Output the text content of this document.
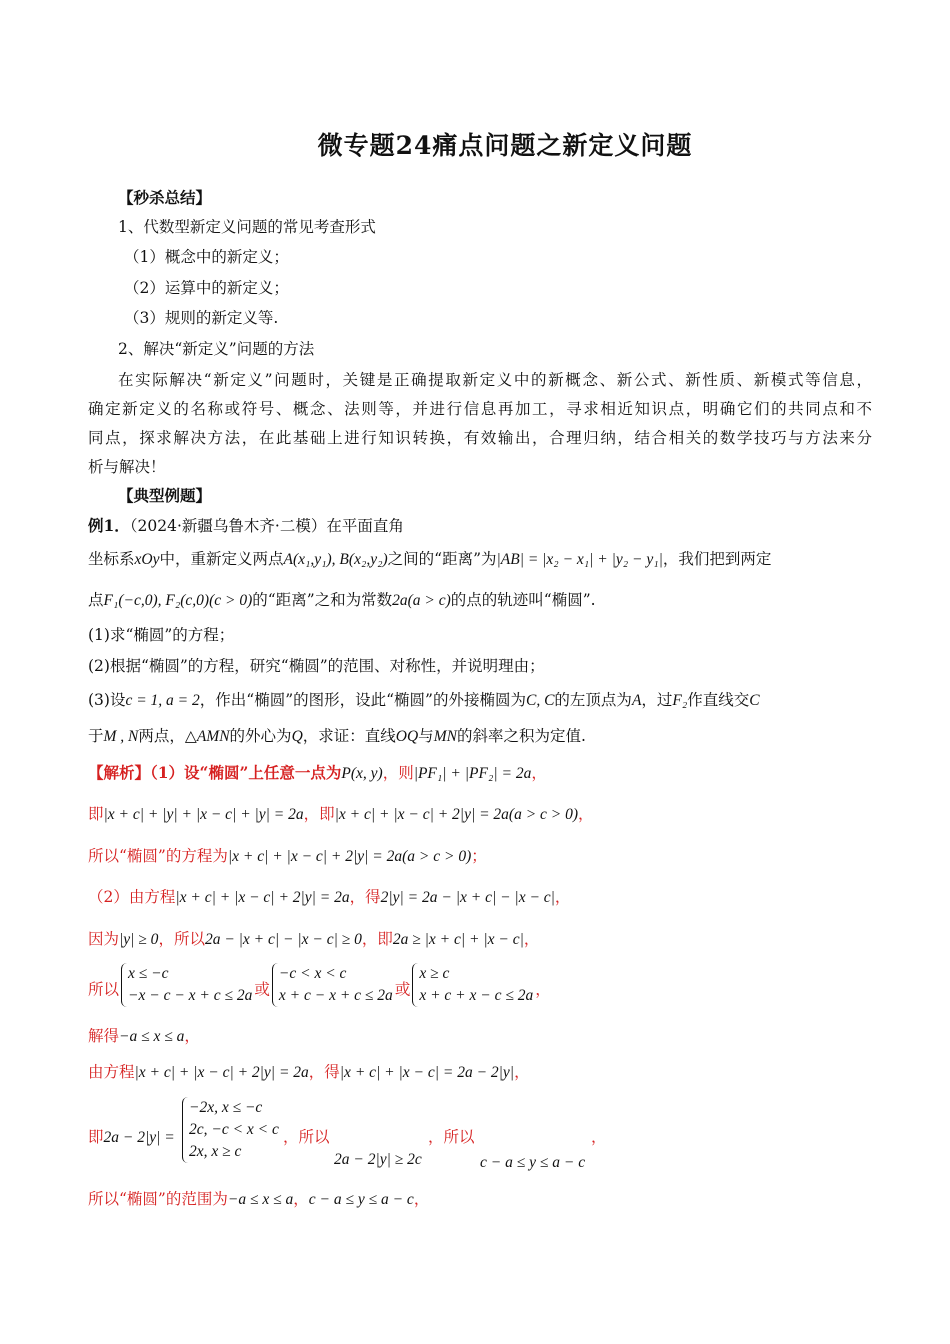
微专题24痛点问题之新定义问题
【秒杀总结】
1、代数型新定义问题的常见考查形式
（1）概念中的新定义；
（2）运算中的新定义；
（3）规则的新定义等.
2、解决“新定义”问题的方法
在实际解决“新定义”问题时，关键是正确提取新定义中的新概念、新公式、新性质、新模式等信息，
确定新定义的名称或符号、概念、法则等，并进行信息再加工，寻求相近知识点，明确它们的共同点和不
同点，探求解决方法，在此基础上进行知识转换，有效输出，合理归纳，结合相关的数学技巧与方法来分
析与解决！
【典型例题】
例1．（2024·新疆乌鲁木齐·二模）在平面直角
坐标系xOy中，重新定义两点A(x₁,y₁), B(x₂,y₂)之间的“距离”为|AB| = |x₂ − x₁| + |y₂ − y₁|，我们把到两定
点F₁(−c,0), F₂(c,0)(c > 0)的“距离”之和为常数2a(a > c)的点的轨迹叫“椭圆”.
(1)求“椭圆”的方程；
(2)根据“椭圆”的方程，研究“椭圆”的范围、对称性，并说明理由；
(3)设c = 1, a = 2，作出“椭圆”的图形，设此“椭圆”的外接椭圆为C, C的左顶点为A，过F₂作直线交C
于M , N两点，△AMN的外心为Q，求证：直线OQ与MN的斜率之积为定值.
【解析】（1）设“椭圆”上任意一点为P(x, y)，则|PF₁| + |PF₂| = 2a，
即|x + c| + |y| + |x − c| + |y| = 2a，即|x + c| + |x − c| + 2|y| = 2a(a > c > 0)，
所以“椭圆”的方程为|x + c| + |x − c| + 2|y| = 2a(a > c > 0)；
（2）由方程|x + c| + |x − c| + 2|y| = 2a，得2|y| = 2a − |x + c| − |x − c|，
因为|y| ≥ 0，所以2a − |x + c| − |x − c| ≥ 0，即2a ≥ |x + c| + |x − c|，
所以
x ≤ −c
−x − c − x + c ≤ 2a 或
−c < x < c
x + c − x + c ≤ 2a 或
x ≥ c
x + c + x − c ≤ 2a ，
解得−a ≤ x ≤ a，
由方程|x + c| + |x − c| + 2|y| = 2a，得|x + c| + |x − c| = 2a − 2|y|，
即2a − 2|y| =
−2x, x ≤ −c
2c, −c < x < c
2x, x ≥ c
，所以
2a − 2|y| ≥ 2c
，所以
c − a ≤ y ≤ a − c
，
所以“椭圆”的范围为−a ≤ x ≤ a，c − a ≤ y ≤ a − c，
